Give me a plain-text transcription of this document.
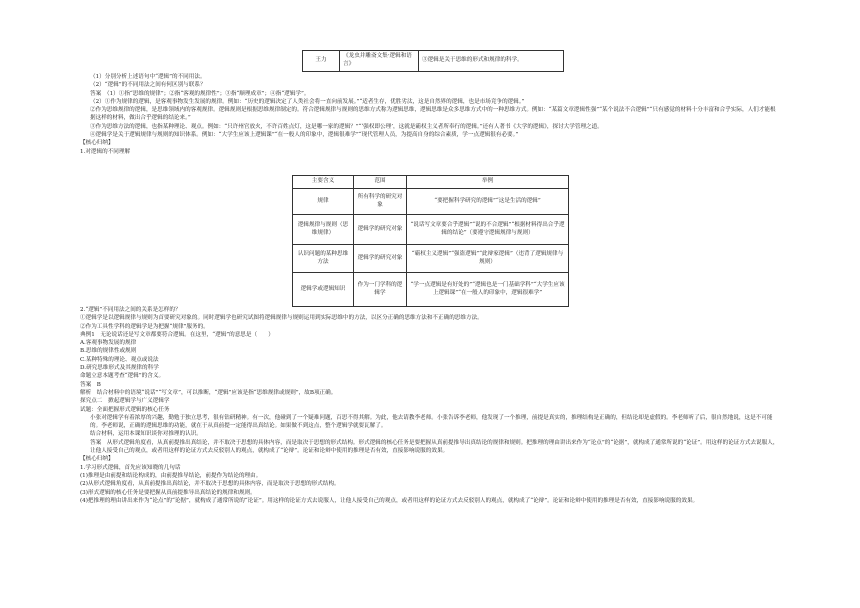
王力	《龙虫并雕斋文集·逻辑和语言》	③逻辑是关于思维的形式和规律的科学。

（1）分别分析上述语句中“逻辑”的不同用法。

（2）“逻辑”的不同用法之间有何区别与联系？

答案　（1）①指“思维的规律”；②指“客观的规律性”；③指“顺理成章”；④指“逻辑学”。

（2）①作为规律的逻辑，是客观事物发生发展的规律。例如：“历史的逻辑决定了人类社会将一直向前发展。”“适者生存，优胜劣汰，这是自然界的逻辑，也是市场竞争的逻辑。”

②作为思维规律的逻辑，是思维领域内的客观规律。逻辑规则是根据思维规律制定的。符合逻辑规律与规则的思维方式称为逻辑思维，逻辑思维是众多思维方式中的一种思维方式。例如：“某篇文章逻辑性强”“某个说法不合逻辑”“只有感觉的材料十分丰富和合乎实际，人们才能根据这样的材料，做出合乎逻辑的结论来。”

③作为思维方法的逻辑，也指某种理论、观点。例如：“只许州官放火，不许百姓点灯，这是哪一家的逻辑？”“‘强权即公理’，这就是霸权主义者所奉行的逻辑。”还有人著书《大学的逻辑》，探讨大学管理之道。

④逻辑学是关于逻辑规律与规则的知识体系。例如：“大学生应该上逻辑课”“在一般人的印象中，逻辑很难学”“现代管理人员，为提高自身的综合素质，学一点逻辑很有必要。”

【核心归纳】

1.对逻辑的不同理解

主要含义	范围	举例
规律	所有科学的研究对象	“要把握科学研究的逻辑”“这是生活的逻辑”
逻辑规律与规则（思维规律）	逻辑学的研究对象	“说话写文章要合乎逻辑”“说的不合逻辑”“根据材料得出合乎逻辑的结论”（要遵守逻辑规律与规则）
认识问题的某种思维方法	逻辑学的研究对象	“霸权主义逻辑”“强盗逻辑”“此辩家逻辑”（违背了逻辑规律与规则）
逻辑学或逻辑知识	作为一门学科的逻辑学	“学一点逻辑是有好处的”“逻辑也是一门基础学科”“大学生应该上逻辑课”“在一般人的印象中，逻辑很难学”

2.“逻辑”不同用法之间的关系是怎样的？

①逻辑学是以逻辑规律与规则为首要研究对象的。同时逻辑学也研究试图将逻辑规律与规则运用到实际思维中的方法，以区分正确的思维方法和不正确的思维方法。

②作为工具性学科的逻辑学是为把握“规律”服务的。

典例1　无论说话还是写文章都要符合逻辑。在这里，“逻辑”的意思是（　　）

A.客观事物发展的规律

B.思维的规律性或规则

C.某种特殊的理论、观点或说法

D.研究思维形式及其规律的科学

命题立意本题考查“逻辑”的含义。

答案　B

解析　结合材料中的语境“说话”“写文章”，可以推断，“逻辑”应该是指“思维规律或规则”，故B项正确。

探究点二　掀起逻辑学与广义逻辑学

试题：全面把握形式逻辑的核心任务

小张对逻辑学有着浓厚的兴趣，勤勉于独立思考，很有钻研精神。有一次，他碰到了一个疑难问题，百思不得其解。为此，他去请教李老师。小张告诉李老师，他发现了一个推理，前提是真实的，推理结构是正确的，但结论却是虚假的。李老师听了后，很自然地说，这是不可能的。李老师说，正确的逻辑思维的功能，就在于从真前提一定能得出真结论。如果做不到这点，整个逻辑学就要瓦解了。

结合材料，运用本课知识谈你对推理的认识。

答案　从形式逻辑角度看，从真前提推出真结论，并不取决于思想的具体内容，而是取决于思想的形式结构。形式逻辑的核心任务是要把握从真前提推导出真结论的规律和规则。把推理的理由讲出来作为“论点”的“论据”，就构成了通常所说的“论证”。用这样的论证方式去说服人，让他人接受自己的观点，或者用这样的论证方式去反驳别人的观点，就构成了“论辩”。论证和论辩中使用的推理是否有效，直接影响说服的效果。

【核心归纳】

1.学习形式逻辑，首先应该知晓的几句话

(1)推理是由前提和结论构成的，由前提推导结论，前提作为结论的理由。

(2)从形式逻辑角度看，从真前提推出真结论，并不取决于思想的具体内容，而是取决于思想的形式结构。

(3)形式逻辑的核心任务是要把握从真前提推导出真结论的规律和规则。

(4)把推理的理由讲出来作为“论点”的“论据”，就构成了通常所说的“论证”。用这样的论证方式去说服人，让他人接受自己的观点，或者用这样的论证方式去反驳别人的观点，就构成了“论辩”。论证和论辩中使用的推理是否有效，直接影响说服的效果。
